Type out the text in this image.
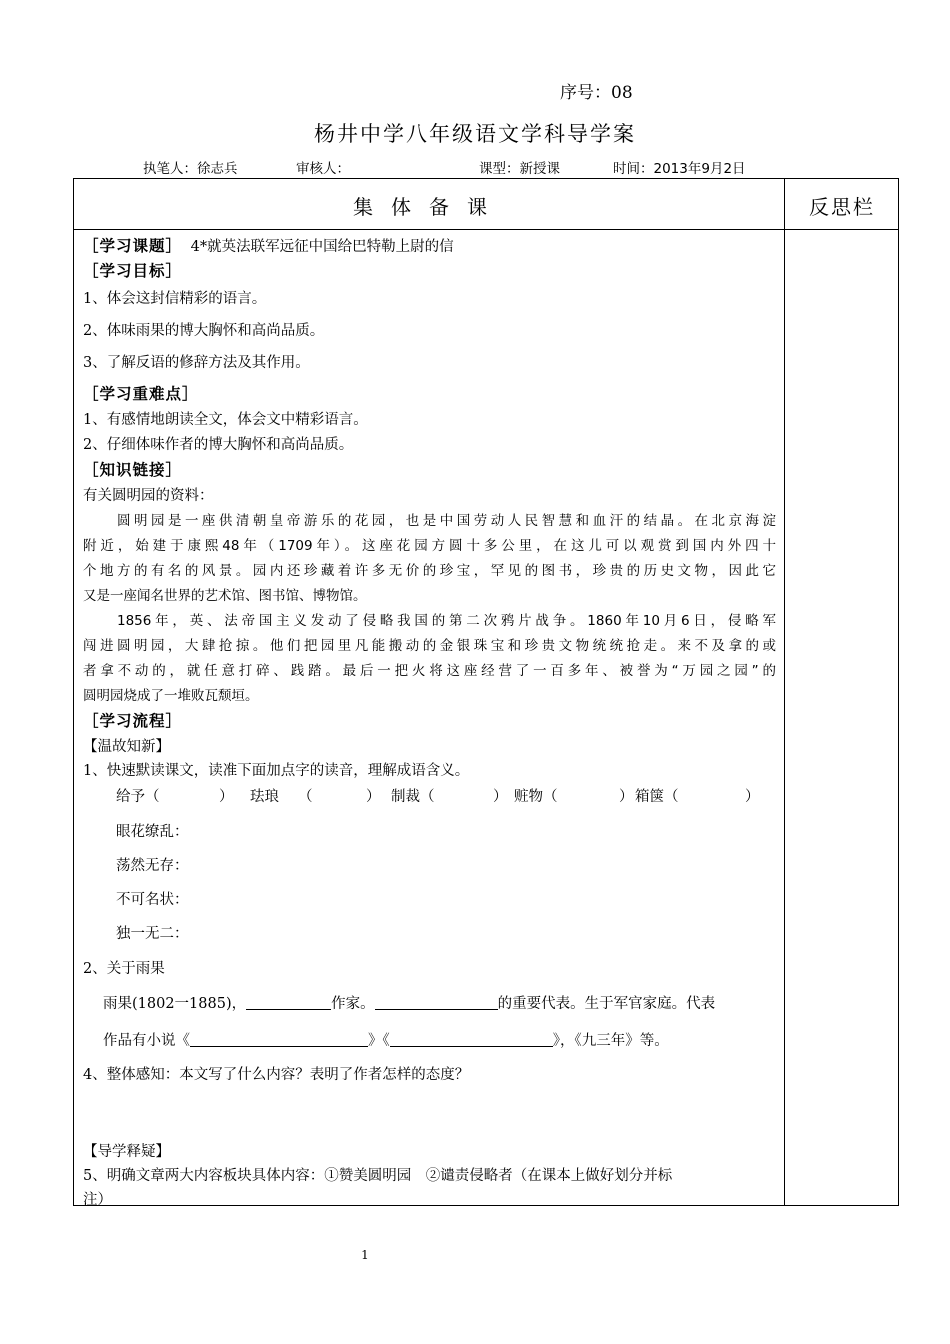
序号：08
杨井中学八年级语文学科导学案
执笔人：徐志兵	审核人：	课型：新授课	时间：2013年9月2日
集体备课	反思栏
［学习课题］ 4*就英法联军远征中国给巴特勒上尉的信
［学习目标］
1、体会这封信精彩的语言。
2、体味雨果的博大胸怀和高尚品质。
3、了解反语的修辞方法及其作用。
［学习重难点］
1、有感情地朗读全文，体会文中精彩语言。
2、仔细体味作者的博大胸怀和高尚品质。
［知识链接］
有关圆明园的资料：
圆明园是一座供清朝皇帝游乐的花园，也是中国劳动人民智慧和血汗的结晶。在北京海淀
附近，始建于康熙48年（1709年）。这座花园方圆十多公里，在这儿可以观赏到国内外四十
个地方的有名的风景。园内还珍藏着许多无价的珍宝，罕见的图书，珍贵的历史文物，因此它
又是一座闻名世界的艺术馆、图书馆、博物馆。
1856年，英、法帝国主义发动了侵略我国的第二次鸦片战争。1860年10月6日，侵略军
闯进圆明园，大肆抢掠。他们把园里凡能搬动的金银珠宝和珍贵文物统统抢走。来不及拿的或
者拿不动的，就任意打碎、践踏。最后一把火将这座经营了一百多年、被誉为“万园之园”的
圆明园烧成了一堆败瓦颓垣。
［学习流程］
【温故知新】
1、快速默读课文，读准下面加点字的读音，理解成语含义。
给予（	） 珐琅 （	） 制裁（	） 赃物（	） 箱箧（	）
眼花缭乱：
荡然无存：
不可名状：
独一无二：
2、关于雨果
雨果(1802一1885)，	作家。	的重要代表。生于军官家庭。代表
作品有小说《	》《	》，《九三年》等。
4、整体感知：本文写了什么内容？表明了作者怎样的态度？
【导学释疑】
5、明确文章两大内容板块具体内容：①赞美圆明园　②谴责侵略者（在课本上做好划分并标
注）
1
